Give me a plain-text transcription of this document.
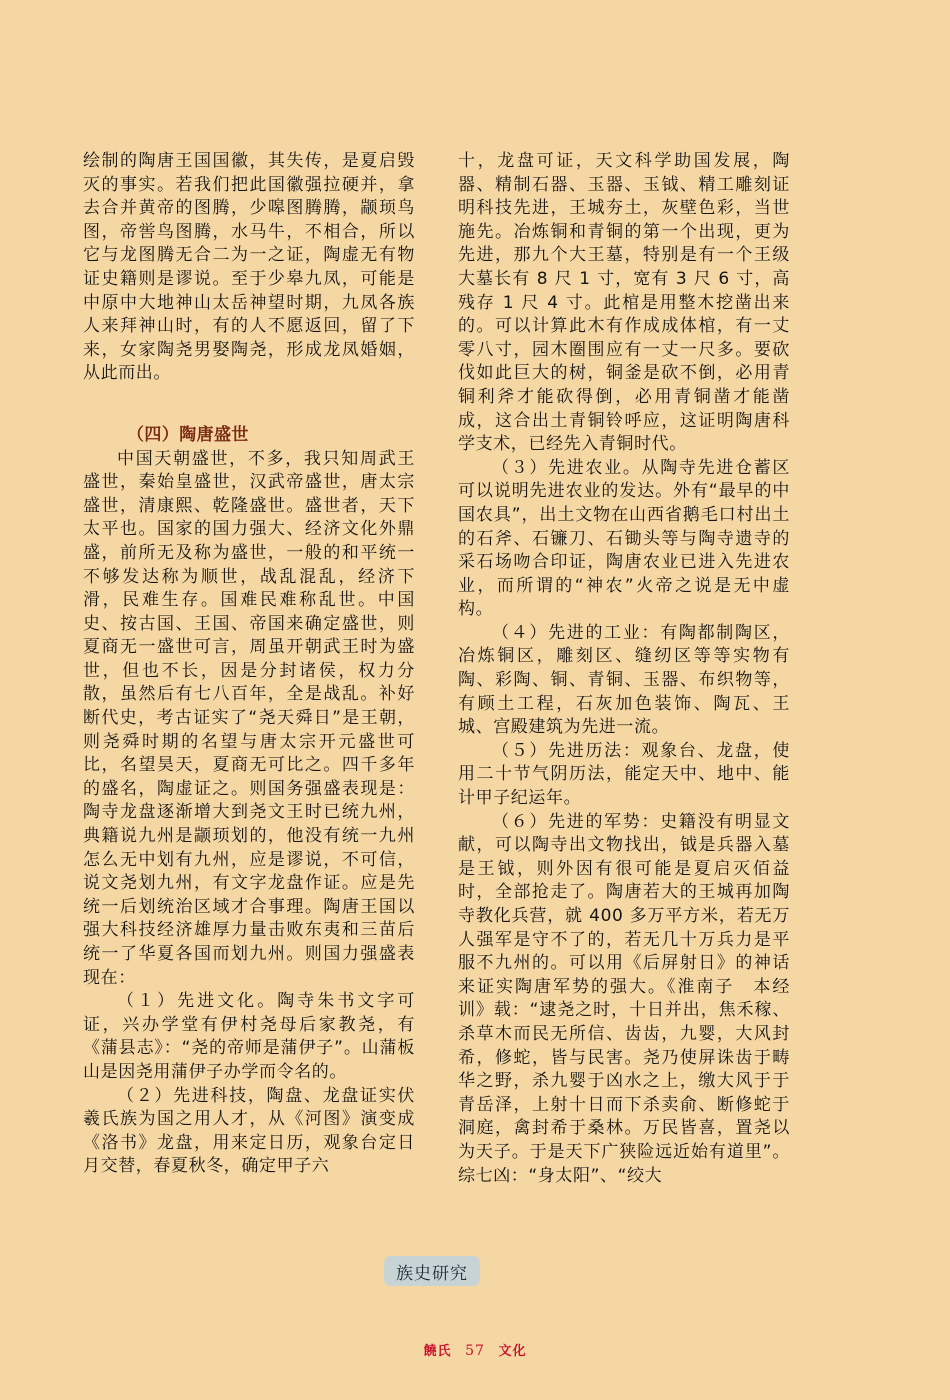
绘制的陶唐王国国徽，其失传，是夏启毁灭的事实。若我们把此国徽强拉硬并，拿去合并黄帝的图腾，少嗥图腾腾，颛顼鸟图，帝喾鸟图腾，水马牛，不相合，所以它与龙图腾无合二为一之证，陶虚无有物证史籍则是谬说。至于少皋九凤，可能是中原中大地神山太岳神望时期，九凤各族人来拜神山时，有的人不愿返回，留了下来，女家陶尧男娶陶尧，形成龙凤婚姻，从此而出。

（四）陶唐盛世

中国天朝盛世，不多，我只知周武王盛世，秦始皇盛世，汉武帝盛世，唐太宗盛世，清康熙、乾隆盛世。盛世者，天下太平也。国家的国力强大、经济文化外鼎盛，前所无及称为盛世，一般的和平统一不够发达称为顺世，战乱混乱，经济下滑，民难生存。国难民难称乱世。中国史、按古国、王国、帝国来确定盛世，则夏商无一盛世可言，周虽开朝武王时为盛世，但也不长，因是分封诸侯，权力分散，虽然后有七八百年，全是战乱。补好断代史，考古证实了“尧天舜日”是王朝，则尧舜时期的名望与唐太宗开元盛世可比，名望昊天，夏商无可比之。四千多年的盛名，陶虚证之。则国务强盛表现是：陶寺龙盘逐渐增大到尧文王时已统九州，典籍说九州是颛顼划的，他没有统一九州怎么无中划有九州，应是谬说，不可信，说文尧划九州，有文字龙盘作证。应是先统一后划统治区域才合事理。陶唐王国以强大科技经济雄厚力量击败东夷和三苗后统一了华夏各国而划九州。则国力强盛表现在：

（１）先进文化。陶寺朱书文字可证，兴办学堂有伊村尧母后家教尧，有《蒲县志》：“尧的帝师是蒲伊子”。山蒲板山是因尧用蒲伊子办学而令名的。

（２）先进科技，陶盘、龙盘证实伏羲氏族为国之用人才，从《河图》演变成《洛书》龙盘，用来定日历，观象台定日月交替，春夏秋冬，确定甲子六

十，龙盘可证，天文科学助国发展，陶器、精制石器、玉器、玉钺、精工雕刻证明科技先进，王城夯土，灰壁色彩，当世施先。冶炼铜和青铜的第一个出现，更为先进，那九个大王墓，特别是有一个王级大墓长有 8 尺 1 寸，宽有 3 尺 6 寸，高残存 1 尺 4 寸。此棺是用整木挖凿出来的。可以计算此木有作成成体棺，有一丈零八寸，园木圈围应有一丈一尺多。要砍伐如此巨大的树，铜釜是砍不倒，必用青铜利斧才能砍得倒，必用青铜凿才能凿成，这合出土青铜铃呼应，这证明陶唐科学支术，已经先入青铜时代。

（３）先进农业。从陶寺先进仓蓄区可以说明先进农业的发达。外有“最早的中国农具”，出土文物在山西省鹅毛口村出土的石斧、石镰刀、石锄头等与陶寺遗寺的采石场吻合印证，陶唐农业已进入先进农业，而所谓的“神农”火帝之说是无中虚构。

（４）先进的工业：有陶都制陶区，冶炼铜区，雕刻区、缝纫区等等实物有陶、彩陶、铜、青铜、玉器、布织物等，有顾土工程，石灰加色装饰、陶瓦、王城、宫殿建筑为先进一流。

（５）先进历法：观象台、龙盘，使用二十节气阴历法，能定天中、地中、能计甲子纪运年。

（６）先进的军势：史籍没有明显文献，可以陶寺出文物找出，钺是兵器入墓是王钺，则外因有很可能是夏启灭佰益时，全部抢走了。陶唐若大的王城再加陶寺教化兵营，就 400 多万平方米，若无万人强军是守不了的，若无几十万兵力是平服不九州的。可以用《后屏射日》的神话来证实陶唐军势的强大。《淮南子　本经训》载：“逮尧之时，十日并出，焦禾稼、杀草木而民无所信、齿齿，九婴，大风封希，修蛇，皆与民害。尧乃使屏诛齿于畴华之野，杀九婴于凶水之上，缴大风于于青岳泽，上射十日而下杀卖俞、断修蛇于洞庭，禽封希于桑林。万民皆喜，置尧以为天子。于是天下广狭险远近始有道里”。综七凶：“身太阳”、“绞大

族史研究
饒氏 57 文化
